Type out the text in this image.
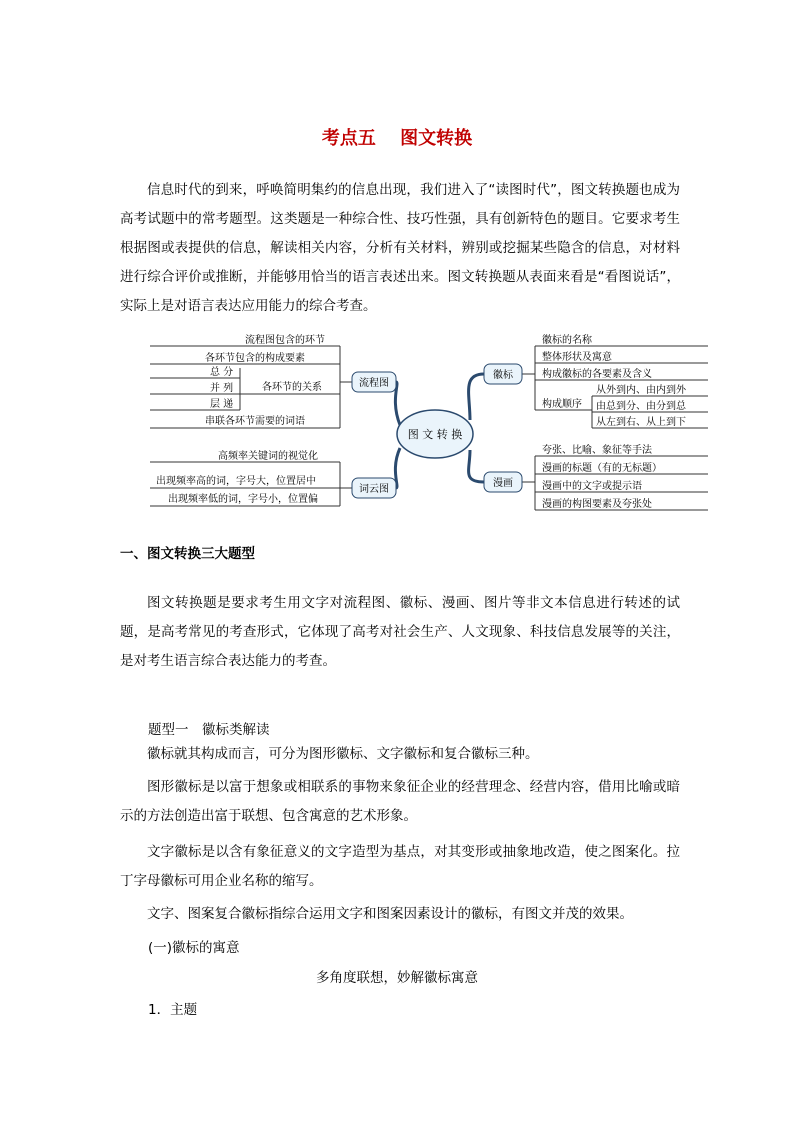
考点五 图文转换
信息时代的到来，呼唤简明集约的信息出现，我们进入了“读图时代”，图文转换题也成为高考试题中的常考题型。这类题是一种综合性、技巧性强，具有创新特色的题目。它要求考生根据图或表提供的信息，解读相关内容，分析有关材料，辨别或挖掘某些隐含的信息，对材料进行综合评价或推断，并能够用恰当的语言表述出来。图文转换题从表面来看是“看图说话”，实际上是对语言表达应用能力的综合考查。
图 文 转 换
流程图
词云图
徽标
漫画
流程图包含的环节
各环节包含的构成要素
总 分
各环节的关系
并 列
层 递
串联各环节需要的词语
高频率关键词的视觉化
出现频率高的词，字号大，位置居中
出现频率低的词，字号小，位置偏
徽标的名称
整体形状及寓意
构成徽标的各要素及含义
构成顺序
从外到内、由内到外
由总到分、由分到总
从左到右、从上到下
夸张、比喻、象征等手法
漫画的标题（有的无标题）
漫画中的文字或提示语
漫画的构图要素及夸张处
一、图文转换三大题型
图文转换题是要求考生用文字对流程图、徽标、漫画、图片等非文本信息进行转述的试题，是高考常见的考查形式，它体现了高考对社会生产、人文现象、科技信息发展等的关注，是对考生语言综合表达能力的考查。
题型一　徽标类解读
徽标就其构成而言，可分为图形徽标、文字徽标和复合徽标三种。
图形徽标是以富于想象或相联系的事物来象征企业的经营理念、经营内容，借用比喻或暗示的方法创造出富于联想、包含寓意的艺术形象。
文字徽标是以含有象征意义的文字造型为基点，对其变形或抽象地改造，使之图案化。拉丁字母徽标可用企业名称的缩写。
文字、图案复合徽标指综合运用文字和图案因素设计的徽标，有图文并茂的效果。
(一)徽标的寓意
多角度联想，妙解徽标寓意
1．主题
